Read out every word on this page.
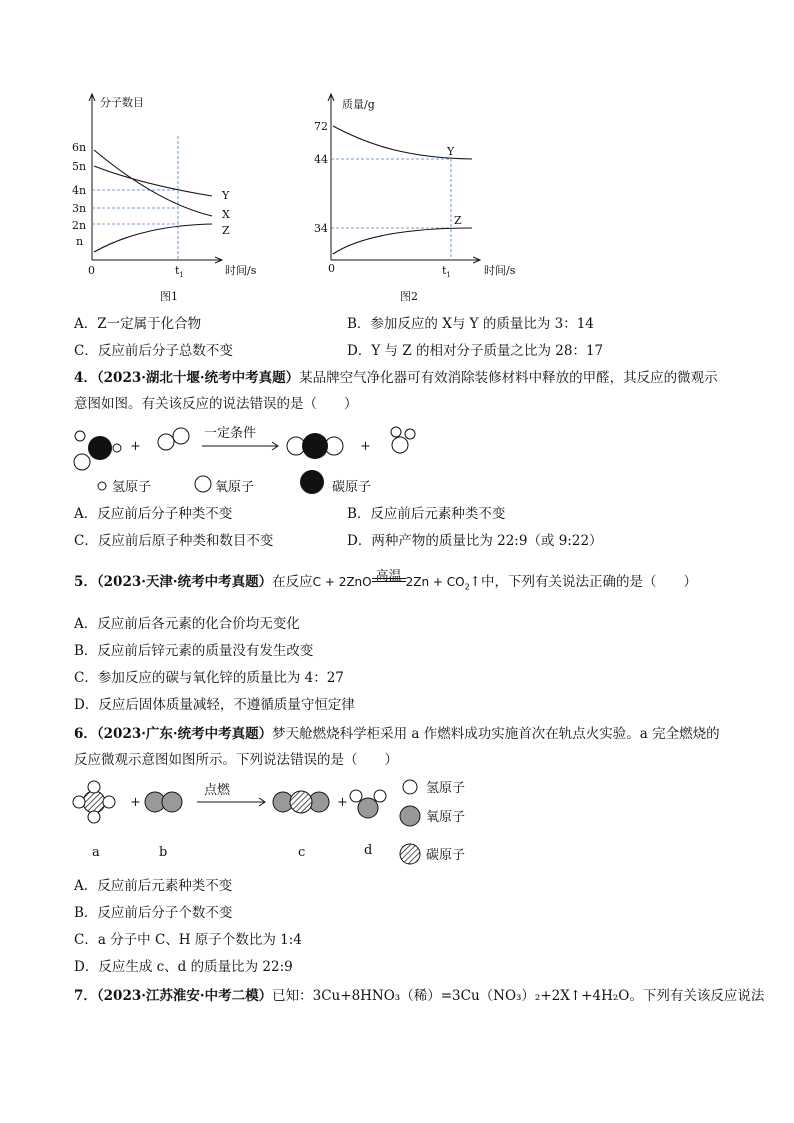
分子数目
时间/s
0	$t_1$
6n
5n
4n
3n
2n
n
Y
X
Z
图1
质量/g
时间/s
0	$t_1$
72
44
34
Y
Z
图2
A．Z一定属于化合物	B．参加反应的 X与 Y 的质量比为 3：14
C．反应前后分子总数不变	D．Y 与 Z 的相对分子质量之比为 28：17
4．（2023·湖北十堰·统考中考真题）某品牌空气净化器可有效消除装修材料中释放的甲醛，其反应的微观示
意图如图。有关该反应的说法错误的是（　　）
+
一定条件
+
氢原子	氧原子	碳原子
A．反应前后分子种类不变	B．反应前后元素种类不变
C．反应前后原子种类和数目不变	D．两种产物的质量比为 22:9（或 9:22）
5．（2023·天津·统考中考真题）在反应C + 2ZnO 高温 $2Zn + CO_2↑$中，下列有关说法正确的是（　　）
A．反应前后各元素的化合价均无变化
B．反应前后锌元素的质量没有发生改变
C．参加反应的碳与氧化锌的质量比为 4：27
D．反应后固体质量减轻，不遵循质量守恒定律
6．（2023·广东·统考中考真题）梦天舱燃烧科学柜采用 a 作燃料成功实施首次在轨点火实验。a 完全燃烧的
反应微观示意图如图所示。下列说法错误的是（　　）
+
点燃
+
a	b	c	d
氢原子
氧原子
碳原子
A．反应前后元素种类不变
B．反应前后分子个数不变
C．a 分子中 C、H 原子个数比为 1:4
D．反应生成 c、d 的质量比为 22:9
7．（2023·江苏淮安·中考二模）已知：3Cu+8HNO₃（稀）=3Cu（NO₃）₂+2X↑+4H₂O。下列有关该反应说法
